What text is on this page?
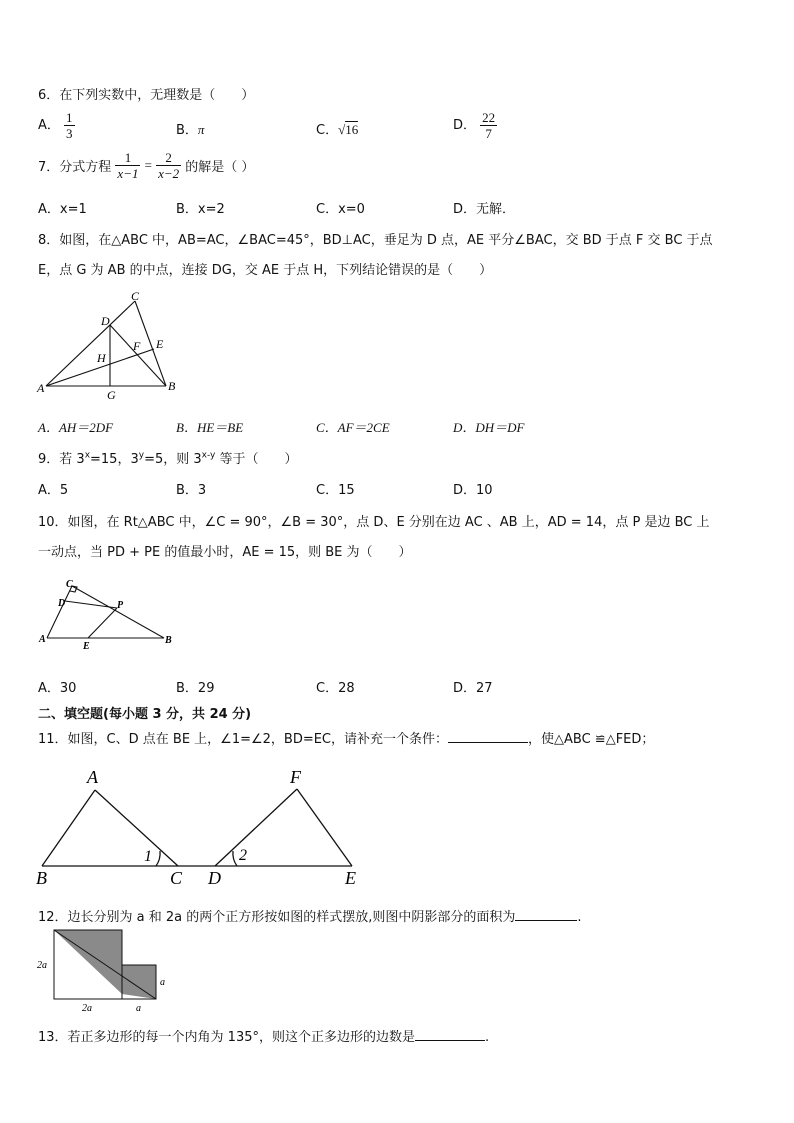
6．在下列实数中，无理数是（　　）
A． $\frac{1}{3}$	B．π	C．√16	D． $\frac{22}{7}$
7．分式方程 $\frac{1}{x-1} = \frac{2}{x-2}$ 的解是（ ）
A．x=1	B．x=2	C．x=0	D．无解．
8．如图，在△ABC 中，AB=AC，∠BAC=45°，BD⊥AC，垂足为 D 点，AE 平分∠BAC，交 BD 于点 F 交 BC 于点
E，点 G 为 AB 的中点，连接 DG，交 AE 于点 H，下列结论错误的是（　　）
C
D
E
F
H
A	B
G
A．AH＝2DF	B．HE＝BE	C．AF＝2CE	D．DH＝DF
9．若 $3^x=15$，$3^y=5$，则 3$^{x-y}$ 等于（　　）
A．5	B．3	C．15	D．10
10．如图，在 Rt△ABC 中，∠C = 90°，∠B = 30°，点 D、E 分别在边 AC 、AB 上，AD = 14，点 P 是边 BC 上
一动点，当 PD + PE 的值最小时，AE = 15，则 BE 为（　　）
C
D	P
A	B
E
A．30	B．29	C．28	D．27
二、填空题(每小题 3 分，共 24 分)
11．如图，C、D 点在 BE 上，∠1=∠2，BD=EC，请补充一个条件：	，使△ABC ≌△FED；
A	F
B	C D	E
1	2
12．边长分别为 a 和 2a 的两个正方形按如图的样式摆放,则图中阴影部分的面积为	.
2a
2a	a
a
13．若正多边形的每一个内角为 135°，则这个正多边形的边数是	.
